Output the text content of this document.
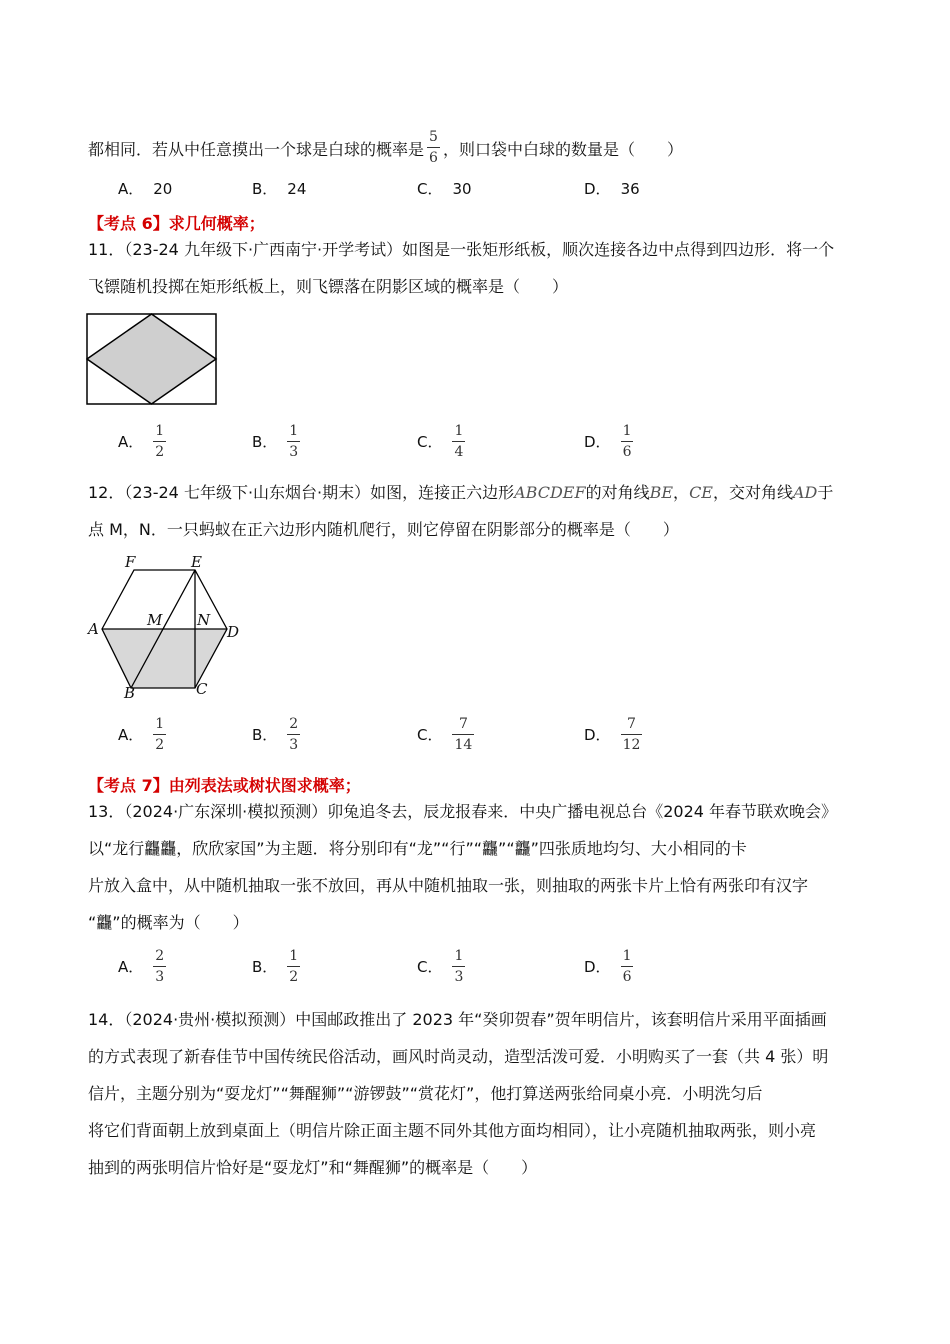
都相同．若从中任意摸出一个球是白球的概率是 $\frac{5}{6}$ ，则口袋中白球的数量是（　　）
A． 20	B． 24	C． 30	D． 36
【考点 6】求几何概率；
11．（23-24 九年级下·广西南宁·开学考试）如图是一张矩形纸板，顺次连接各边中点得到四边形．将一个
飞镖随机投掷在矩形纸板上，则飞镖落在阴影区域的概率是（　　）
A． $\frac{1}{2}$	B． $\frac{1}{3}$	C． $\frac{1}{4}$	D． $\frac{1}{6}$
12．（23-24 七年级下·山东烟台·期末）如图，连接正六边形ABCDEF的对角线BE，CE，交对角线AD于
点 M，N．一只蚂蚁在正六边形内随机爬行，则它停留在阴影部分的概率是（　　）
A
B	C
D
E
F
M N
A． $\frac{1}{2}$	B． $\frac{2}{3}$	C． $\frac{7}{14}$	D． $\frac{7}{12}$
【考点 7】由列表法或树状图求概率；
13．（2024·广东深圳·模拟预测）卯兔追冬去，辰龙报春来．中央广播电视总台《2024 年春节联欢晚会》
以“龙行龘龘，欣欣家国”为主题．将分别印有“龙”“行”“龘”“龘”四张质地均匀、大小相同的卡
片放入盒中，从中随机抽取一张不放回，再从中随机抽取一张，则抽取的两张卡片上恰有两张印有汉字
“龘”的概率为（　　）
A． $\frac{2}{3}$	B． $\frac{1}{2}$	C． $\frac{1}{3}$	D． $\frac{1}{6}$
14．（2024·贵州·模拟预测）中国邮政推出了 2023 年“癸卯贺春”贺年明信片，该套明信片采用平面插画
的方式表现了新春佳节中国传统民俗活动，画风时尚灵动，造型活泼可爱．小明购买了一套（共 4 张）明
信片，主题分别为“耍龙灯”“舞醒狮”“游锣鼓”“赏花灯”，他打算送两张给同桌小亮．小明洗匀后
将它们背面朝上放到桌面上（明信片除正面主题不同外其他方面均相同），让小亮随机抽取两张，则小亮
抽到的两张明信片恰好是“耍龙灯”和“舞醒狮”的概率是（　　）
